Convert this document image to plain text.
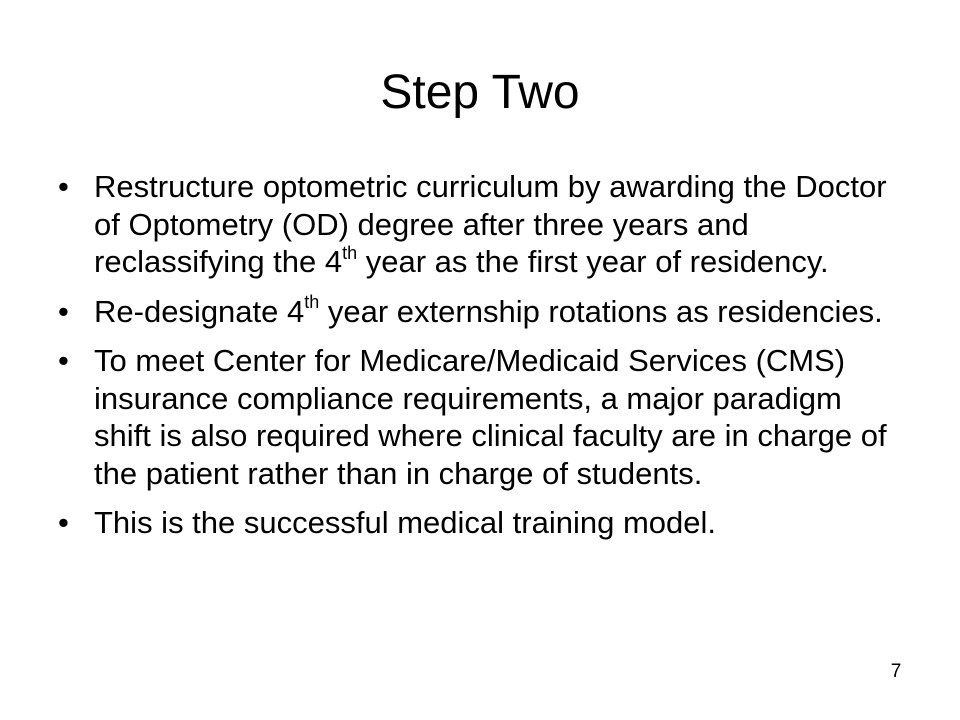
Step Two
• Restructure optometric curriculum by awarding the Doctor of Optometry (OD) degree after three years and reclassifying the 4th year as the first year of residency.
• Re-designate 4th year externship rotations as residencies.
• To meet Center for Medicare/Medicaid Services (CMS) insurance compliance requirements, a major paradigm shift is also required where clinical faculty are in charge of the patient rather than in charge of students.
• This is the successful medical training model.
7
